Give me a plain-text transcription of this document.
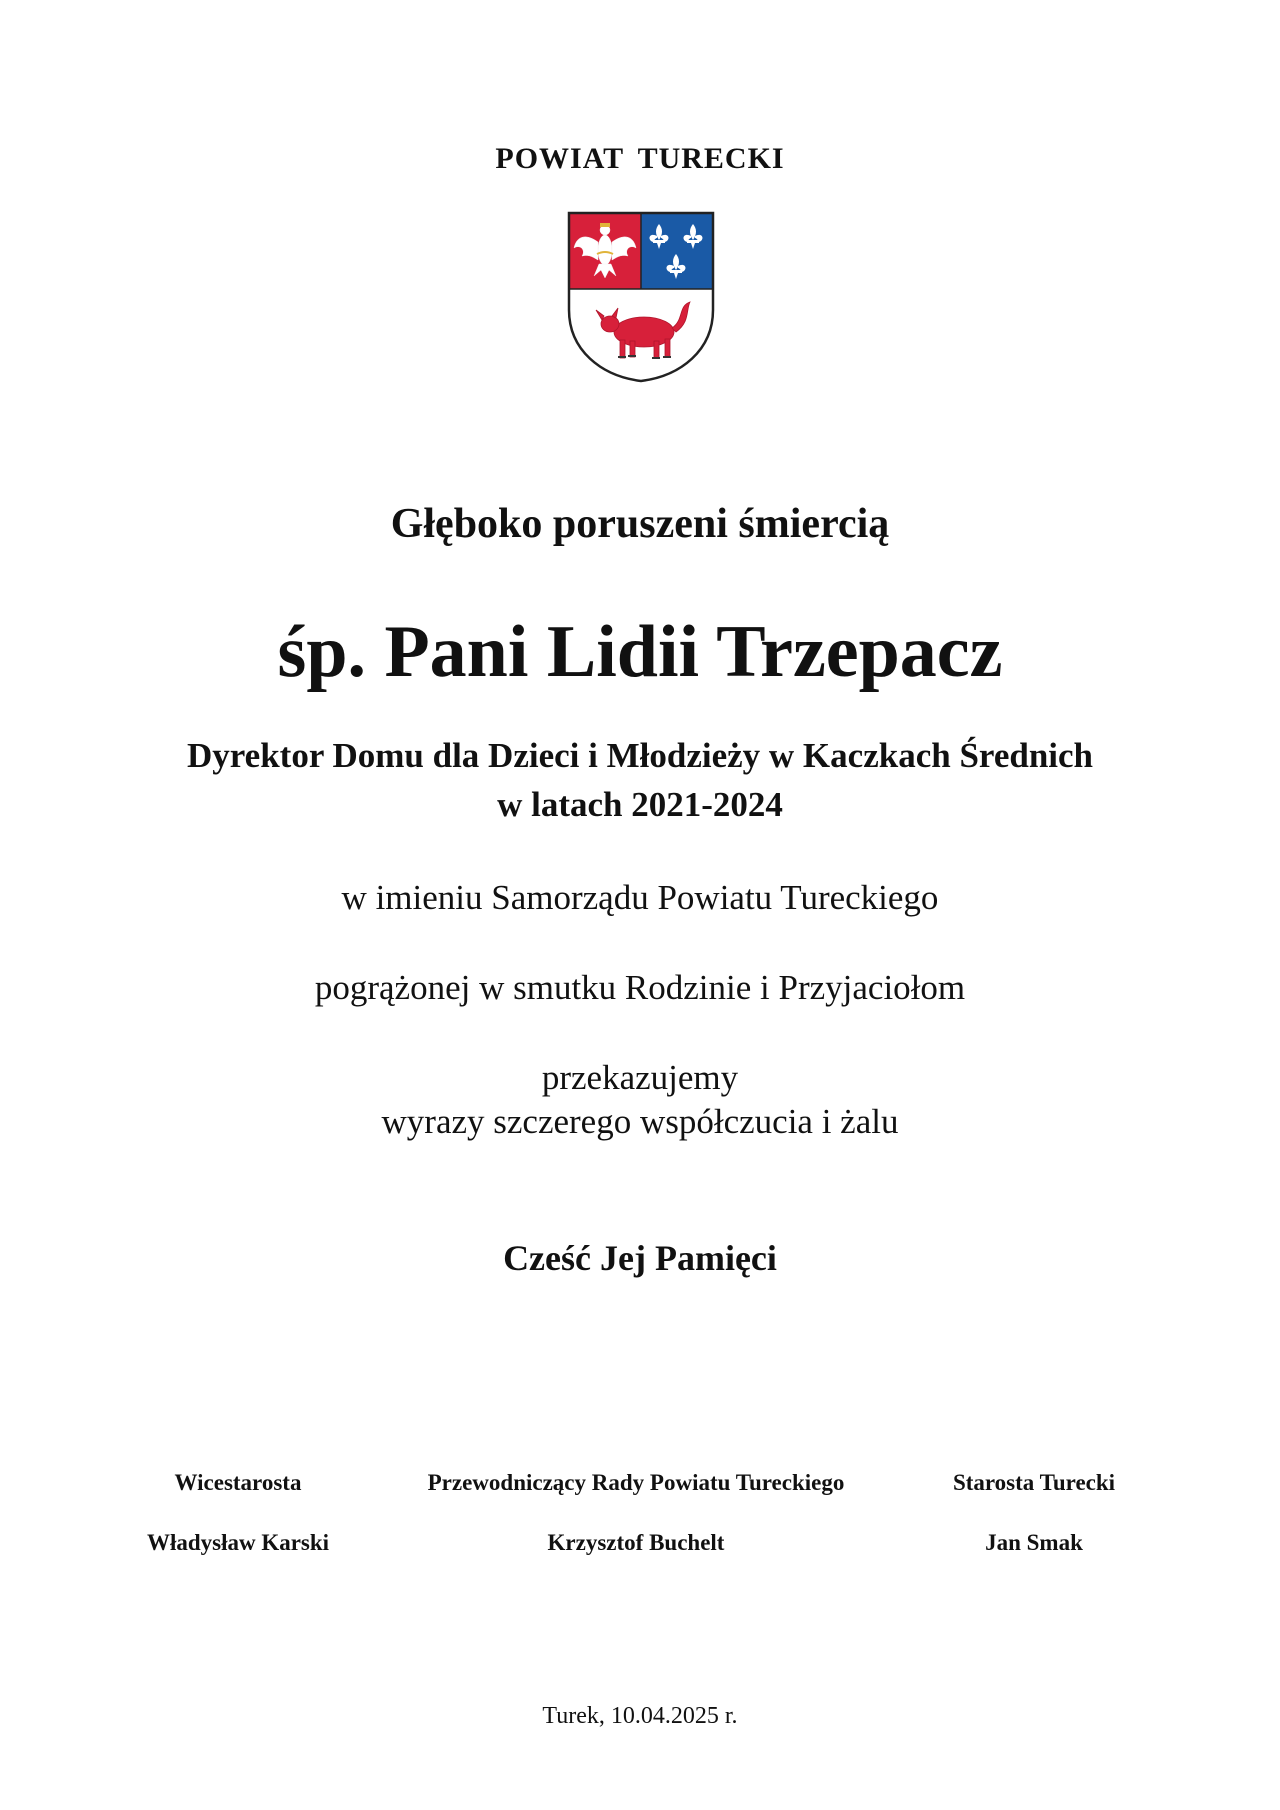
POWIAT TURECKI

Głęboko poruszeni śmiercią

śp. Pani Lidii Trzepacz

Dyrektor Domu dla Dzieci i Młodzieży w Kaczkach Średnich

w latach 2021-2024

w imieniu Samorządu Powiatu Tureckiego

pogrążonej w smutku Rodzinie i Przyjaciołom

przekazujemy

wyrazy szczerego współczucia i żalu

Cześć Jej Pamięci

Wicestarosta
Władysław Karski
Przewodniczący Rady Powiatu Tureckiego
Krzysztof Buchelt
Starosta Turecki
Jan Smak

Turek, 10.04.2025 r.
